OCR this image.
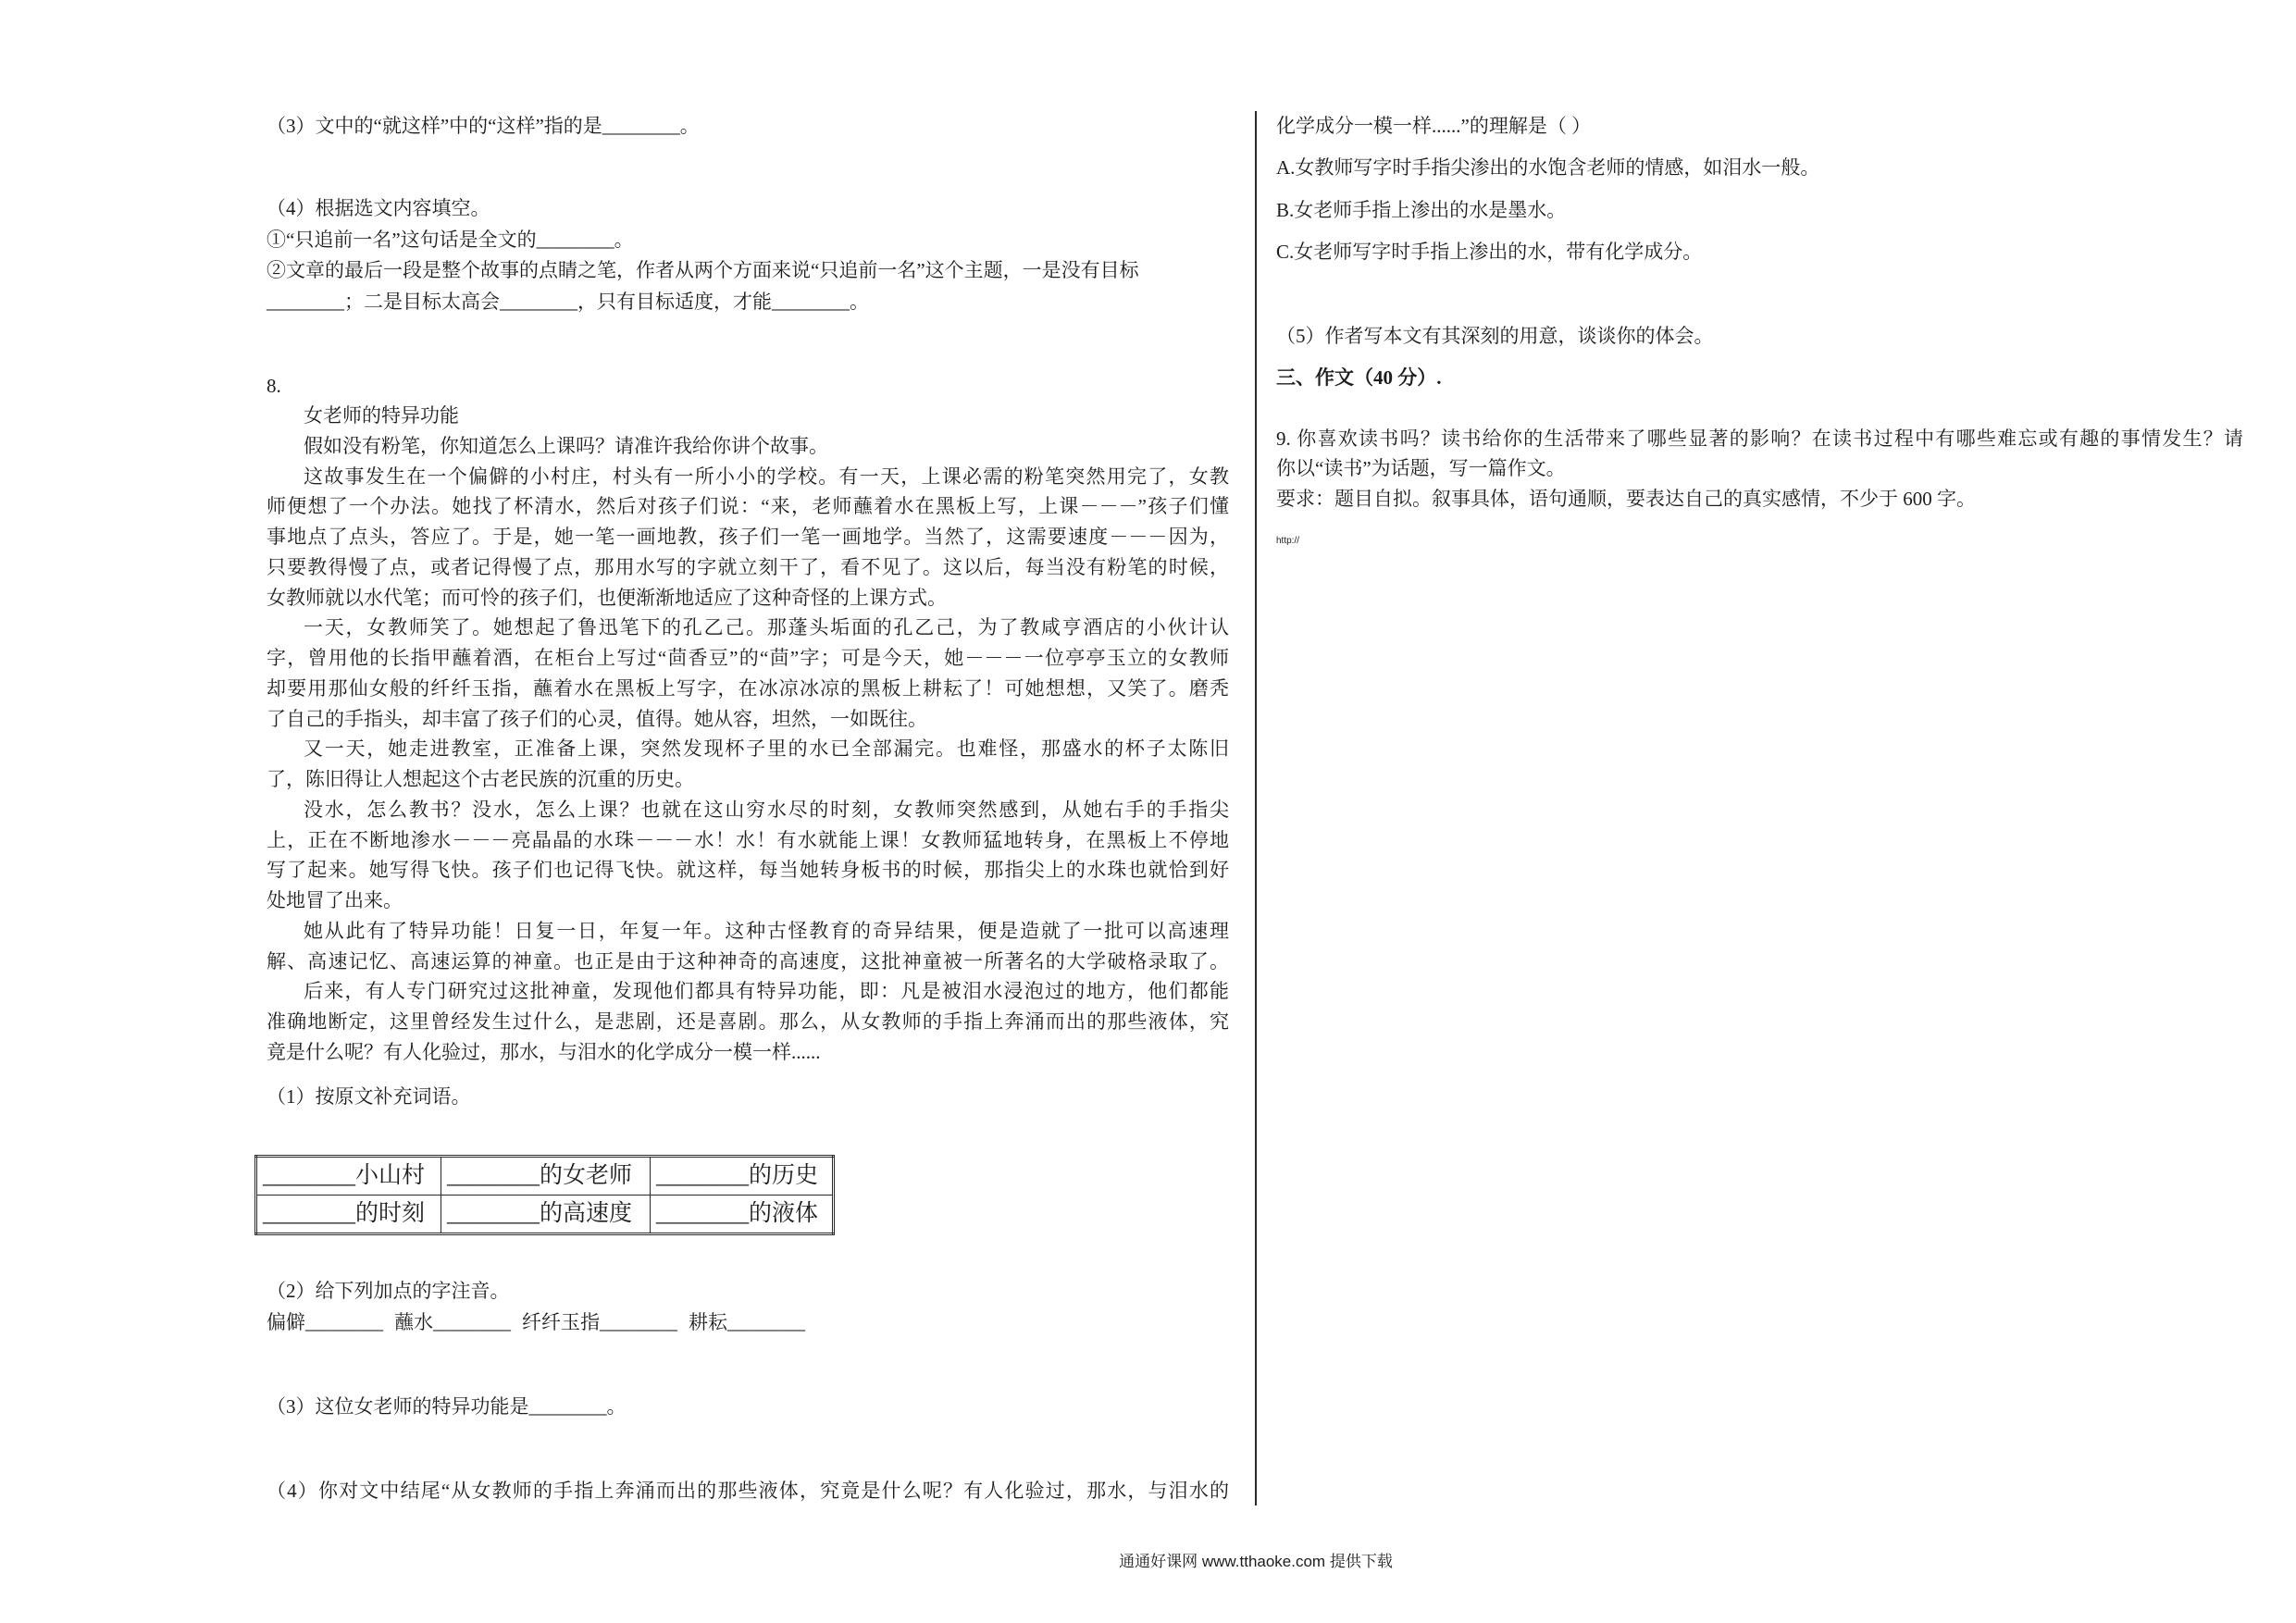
（3）文中的“就这样”中的“这样”指的是________。
（4）根据选文内容填空。
①“只追前一名”这句话是全文的________。
②文章的最后一段是整个故事的点睛之笔，作者从两个方面来说“只追前一名”这个主题，一是没有目标
________；二是目标太高会________，只有目标适度，才能________。
8.
女老师的特异功能
假如没有粉笔，你知道怎么上课吗？请准许我给你讲个故事。
这故事发生在一个偏僻的小村庄，村头有一所小小的学校。有一天，上课必需的粉笔突然用完了，女教
师便想了一个办法。她找了杯清水，然后对孩子们说：“来，老师蘸着水在黑板上写，上课－－－”孩子们懂
事地点了点头，答应了。于是，她一笔一画地教，孩子们一笔一画地学。当然了，这需要速度－－－因为，
只要教得慢了点，或者记得慢了点，那用水写的字就立刻干了，看不见了。这以后，每当没有粉笔的时候，
女教师就以水代笔；而可怜的孩子们，也便渐渐地适应了这种奇怪的上课方式。
一天，女教师笑了。她想起了鲁迅笔下的孔乙己。那蓬头垢面的孔乙己，为了教咸亨酒店的小伙计认
字，曾用他的长指甲蘸着酒，在柜台上写过“茴香豆”的“茴”字；可是今天，她－－－一位亭亭玉立的女教师
却要用那仙女般的纤纤玉指，蘸着水在黑板上写字，在冰凉冰凉的黑板上耕耘了！可她想想，又笑了。磨秃
了自己的手指头，却丰富了孩子们的心灵，值得。她从容，坦然，一如既往。
又一天，她走进教室，正准备上课，突然发现杯子里的水已全部漏完。也难怪，那盛水的杯子太陈旧
了，陈旧得让人想起这个古老民族的沉重的历史。
没水，怎么教书？没水，怎么上课？也就在这山穷水尽的时刻，女教师突然感到，从她右手的手指尖
上，正在不断地渗水－－－亮晶晶的水珠－－－水！水！有水就能上课！女教师猛地转身，在黑板上不停地
写了起来。她写得飞快。孩子们也记得飞快。就这样，每当她转身板书的时候，那指尖上的水珠也就恰到好
处地冒了出来。
她从此有了特异功能！日复一日，年复一年。这种古怪教育的奇异结果，便是造就了一批可以高速理
解、高速记忆、高速运算的神童。也正是由于这种神奇的高速度，这批神童被一所著名的大学破格录取了。
后来，有人专门研究过这批神童，发现他们都具有特异功能，即：凡是被泪水浸泡过的地方，他们都能
准确地断定，这里曾经发生过什么，是悲剧，还是喜剧。那么，从女教师的手指上奔涌而出的那些液体，究
竟是什么呢？有人化验过，那水，与泪水的化学成分一模一样......
（1）按原文补充词语。
________小山村	________的女老师	________的历史
________的时刻	________的高速度	________的液体
（2）给下列加点的字注音。
偏僻________ 蘸水________ 纤纤玉指________ 耕耘________
（3）这位女老师的特异功能是________。
（4）你对文中结尾“从女教师的手指上奔涌而出的那些液体，究竟是什么呢？有人化验过，那水，与泪水的
化学成分一模一样......”的理解是（ ）
A.女教师写字时手指尖渗出的水饱含老师的情感，如泪水一般。
B.女老师手指上渗出的水是墨水。
C.女老师写字时手指上渗出的水，带有化学成分。
（5）作者写本文有其深刻的用意，谈谈你的体会。
三、作文（40 分）.
9. 你喜欢读书吗？读书给你的生活带来了哪些显著的影响？在读书过程中有哪些难忘或有趣的事情发生？请
你以“读书”为话题，写一篇作文。
要求：题目自拟。叙事具体，语句通顺，要表达自己的真实感情，不少于 600 字。
http://
通通好课网 www.tthaoke.com 提供下载
